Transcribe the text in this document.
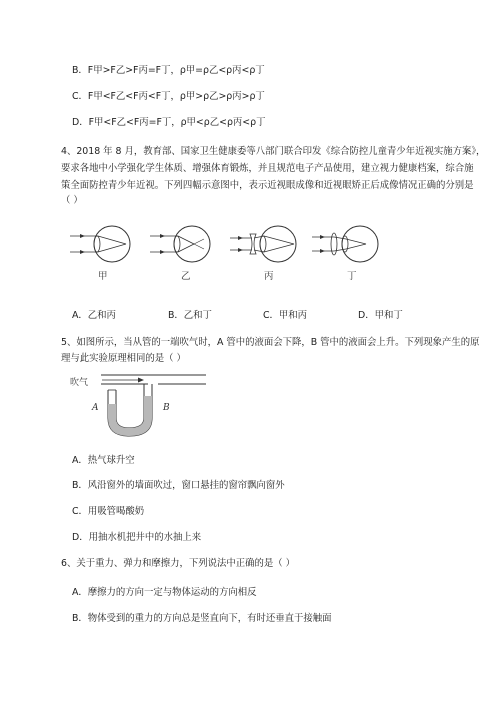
B．F甲>F乙>F丙=F丁，ρ甲=ρ乙<ρ丙<ρ丁
C．F甲<F乙<F丙<F丁，ρ甲>ρ乙>ρ丙>ρ丁
D．F甲<F乙<F丙=F丁，ρ甲<ρ乙<ρ丙<ρ丁
4、2018 年 8 月，教育部、国家卫生健康委等八部门联合印发《综合防控儿童青少年近视实施方案》，
要求各地中小学强化学生体质、增强体育锻炼，并且规范电子产品使用，建立视力健康档案，综合施
策全面防控青少年近视。下列四幅示意图中，表示近视眼成像和近视眼矫正后成像情况正确的分别是
（ ）
甲	乙	丙	丁
A．乙和丙	B．乙和丁	C．甲和丙	D．甲和丁
5、如图所示，当从管的一端吹气时，A 管中的液面会下降，B 管中的液面会上升。下列现象产生的原
理与此实验原理相同的是（ ）
吹气
A	B
A．热气球升空
B．风沿窗外的墙面吹过，窗口悬挂的窗帘飘向窗外
C．用吸管喝酸奶
D．用抽水机把井中的水抽上来
6、关于重力、弹力和摩擦力，下列说法中正确的是（ ）
A．摩擦力的方向一定与物体运动的方向相反
B．物体受到的重力的方向总是竖直向下，有时还垂直于接触面
